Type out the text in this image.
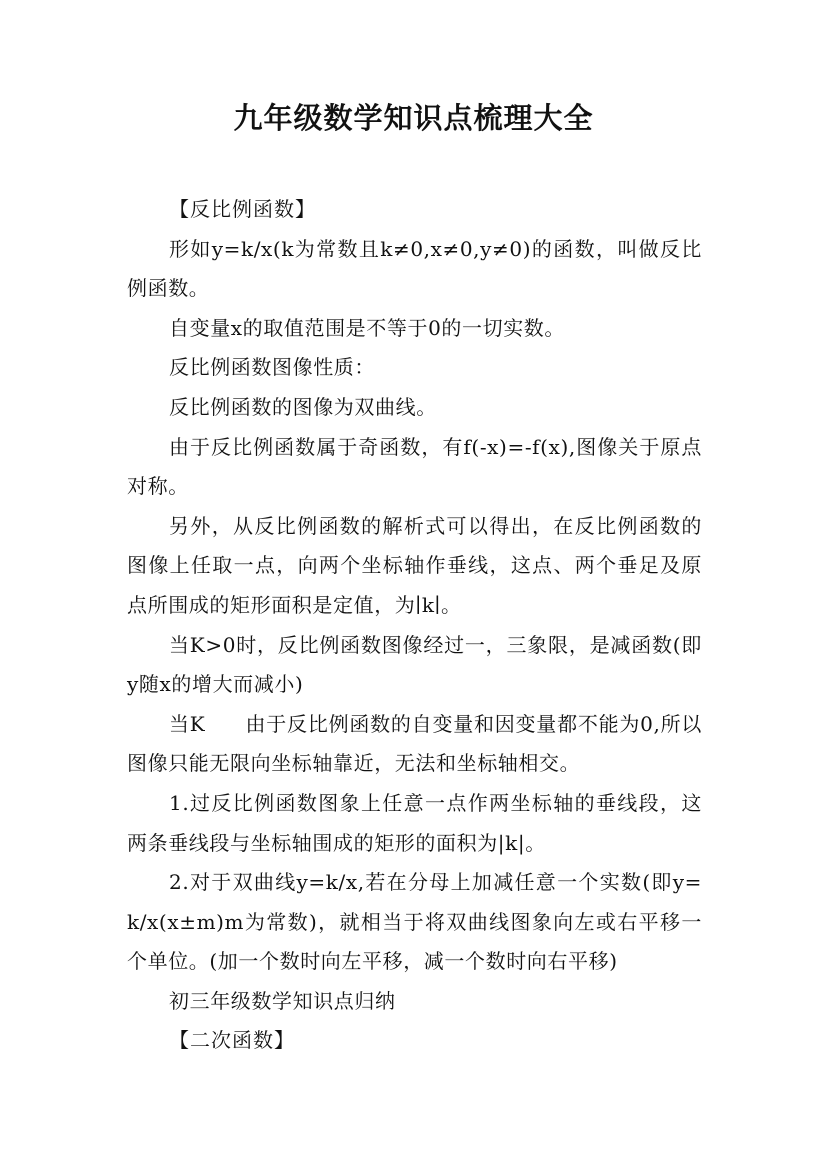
九年级数学知识点梳理大全

【反比例函数】

形如y=k/x(k为常数且k≠0,x≠0,y≠0)的函数，叫做反比例函数。

自变量x的取值范围是不等于0的一切实数。

反比例函数图像性质：

反比例函数的图像为双曲线。

由于反比例函数属于奇函数，有f(-x)=-f(x),图像关于原点对称。

另外，从反比例函数的解析式可以得出，在反比例函数的图像上任取一点，向两个坐标轴作垂线，这点、两个垂足及原点所围成的矩形面积是定值，为∣k∣。

当K>0时，反比例函数图像经过一，三象限，是减函数(即y随x的增大而减小)

当K 由于反比例函数的自变量和因变量都不能为0,所以图像只能无限向坐标轴靠近，无法和坐标轴相交。

1.过反比例函数图象上任意一点作两坐标轴的垂线段，这两条垂线段与坐标轴围成的矩形的面积为|k|。

2.对于双曲线y=k/x,若在分母上加减任意一个实数(即y=k/x(x±m)m为常数)，就相当于将双曲线图象向左或右平移一个单位。(加一个数时向左平移，减一个数时向右平移)

初三年级数学知识点归纳

【二次函数】
